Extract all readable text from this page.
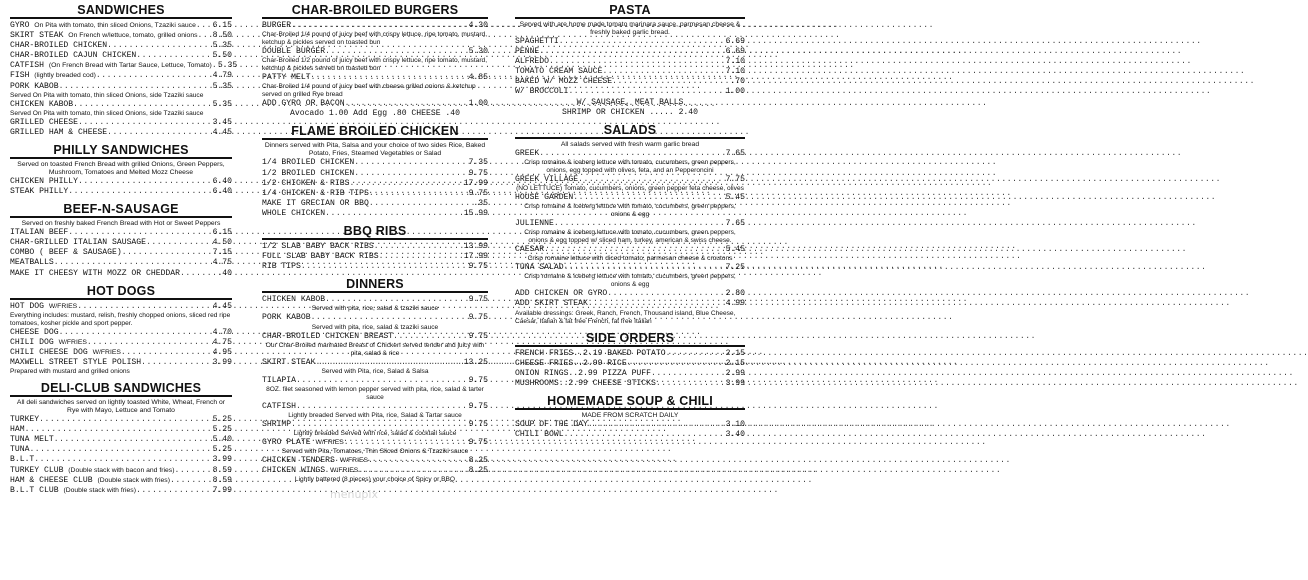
SANDWICHES
GYRO On Pita with tomato, thin sliced Onions, Tzaziki sauce ..... 6.15
SKIRT STEAK On French w/lettuce, tomato, grilled onions ..... 8.50
CHAR-BROILED CHICKEN .....	5.35
CHAR-BROILED CAJUN CHICKEN .....	5.50
CATFISH (On French Bread with Tartar Sauce, Lettuce, Tomato) ..... 5.35
FISH (lightly breaded cod) .....	4.79
PORK KABOB .....	5.35
Served On Pita with tomato, thin sliced Onions, side Tzaziki sauce
CHICKEN KABOB .....	5.35
Served On Pita with tomato, thin sliced Onions, side Tzaziki sauce
GRILLED CHEESE .....	3.45
GRILLED HAM & CHEESE .....	4.45
PHILLY SANDWICHES
Served on toasted French Bread with grilled Onions, Green Peppers, Mushroom, Tomatoes and Melted Mozz Cheese
CHICKEN PHILLY .....	6.40
STEAK PHILLY .....	6.40
BEEF-N-SAUSAGE
Served on freshly baked French Bread with Hot or Sweet Peppers
ITALIAN BEEF .....	6.15
CHAR-GRILLED ITALIAN SAUSAGE .....	4.50
COMBO ( BEEF & SAUSAGE) .....	7.15
MEATBALLS .....	4.75
MAKE IT CHEESY WITH MOZZ OR CHEDDAR .....	.40
HOT DOGS
HOT DOG W/FRIES .....	4.45
Everything includes: mustard, relish, freshly chopped onions, sliced red ripe tomatoes, kosher pickle and sport pepper.
CHEESE DOG .....	4.70
CHILI DOG W/FRIES .....	4.75
CHILI CHEESE DOG W/FRIES .....	4.95
MAXWELL STREET STYLE POLISH .....	3.99
Prepared with mustard and grilled onions
DELI-CLUB SANDWICHES
All deli sandwiches served on lightly toasted White, Wheat, French or Rye with Mayo, Lettuce and Tomato
TURKEY .....	5.25
HAM .....	5.25
TUNA MELT .....	5.40
TUNA .....	5.25
B.L.T .....	3.99
TURKEY CLUB (Double stack with bacon and fries) .....	8.59
HAM & CHEESE CLUB (Double stack with fries) .....	8.59
B.L.T CLUB (Double stack with fries) .....	7.99
CHAR-BROILED BURGERS
BURGER .....	4.30
Char-Broiled 1/4 pound of juicy beef with crispy lettuce, ripe tomato, mustard, ketchup & pickles served on toasted bun
DOUBLE BURGER .....	5.30
Char-Broiled 1/2 pound of juicy beef with crispy lettuce, ripe tomato, mustard, ketchup & pickles served on toasted bun
PATTY MELT .....	4.85
Char-Broiled 1/4 pound of juicy beef with cheese grilled onions & ketchup served on grilled Rye bread
ADD GYRO OR BACON .....	1.00
Avocado 1.00 Add Egg .80 CHEESE .40
FLAME BROILED CHICKEN
Dinners served with Pita, Salsa and your choice of two sides Rice, Baked Potato, Fries, Steamed Vegetables or Salad
1/4 BROILED CHICKEN .....	7.35
1/2 BROILED CHICKEN .....	9.75
1/2 CHICKEN & RIBS .....	17.99
1/4 CHICKEN & RIB TIPS .....	9.75
MAKE IT GRECIAN OR BBQ .....	.35
WHOLE CHICKEN .....	15.99
BBQ RIBS
1/2 SLAB BABY BACK RIBS .....	13.99
FULL SLAB BABY BACK RIBS .....	17.99
RIB TIPS .....	9.75
DINNERS
CHICKEN KABOB .....	9.75
Served with pita, rice, salad & tzaziki sauce
PORK KABOB .....	9.75
Served with pita, rice, salad & tzaziki sauce
CHAR-BROILED CHICKEN BREAST .....	9.75
Our Char-Broiled marinated Breast of Chicken served tender and juicy with pita, salad & rice
SKIRT STEAK .....	13.25
Served with Pita, rice, Salad & Salsa
TILAPIA .....	9.75
8OZ. filet seasoned with lemon pepper served with pita, rice, salad & tarter sauce
CATFISH .....	9.75
Lightly breaded Served with Pita, rice, Salad & Tartar sauce
SHRIMP .....	9.75
Lightly breaded Served with rice, salad & cocktail sauce
GYRO PLATE W/FRIES .....	9.75
Served with Pita, Tomatoes, Thin Sliced Onions & Tzaziki sauce
CHICKEN TENDERS W/FRIES .....	8.25
CHICKEN WINGS W/FRIES .....	8.25
Lightly battered (8 pieces) your choice of Spicy or BBQ
PASTA
Served with are home made tomato marinara sauce, parmesan cheese & freshly baked garlic bread.
SPAGHETTI .....	6.69
PENNE .....	6.69
ALFREDO .....	7.10
TOMATO CREAM SAUCE .....	7.10
BAKED W/ MOZZ CHEESE .....	.70
W/ BROCCOLI .....	1.00
W/ SAUSAGE, MEAT BALLS
SHRIMP OR CHICKEN ..... 2.40
SALADS
All salads served with fresh warm garlic bread
GREEK .....	7.65
Crisp romaine & iceberg lettuce with tomato, cucumbers, green peppers, onions, egg topped with olives, feta, and an Pepperoncini
GREEK VILLAGE .....	7.75
(NO LETTUCE) Tomato, cucumbers, onions, green pepper feta cheese, olives
HOUSE GARDEN .....	5.45
Crisp romaine & iceberg lettuce with tomato, cucumbers, green peppers, onions & egg
JULIENNE .....	7.65
Crisp romaine & iceberg lettuce with tomato, cucumbers, green peppers, onions & egg topped w/ sliced ham, turkey, american & swiss cheese.
CAESAR .....	5.45
Crisp romaine lettuce with diced tomato, parmesan cheese & croutons
TUNA SALAD .....	7.25
Crisp romaine & iceberg lettuce with tomato, cucumbers, green peppers, onions & egg
ADD CHICKEN OR GYRO .....	2.80
ADD SKIRT STEAK .....	4.99
Available dressings: Greek, Ranch, French, Thousand island, Blue Cheese, Caesar, Italian & fat free French, fat free Italian
SIDE ORDERS
FRENCH FRIES..2.19 BAKED POTATO .....	2.15
CHEESE FRIES..2.99 RICE .....	2.15
ONION RINGS..2.99 PIZZA PUFF .....	2.99
MUSHROOMS..2.99 CHEESE STICKS .....	3.99
HOMEMADE SOUP & CHILI
MADE FROM SCRATCH DAILY
SOUP OF THE DAY .....	3.10
CHILI BOWL .....	3.40
menupix
